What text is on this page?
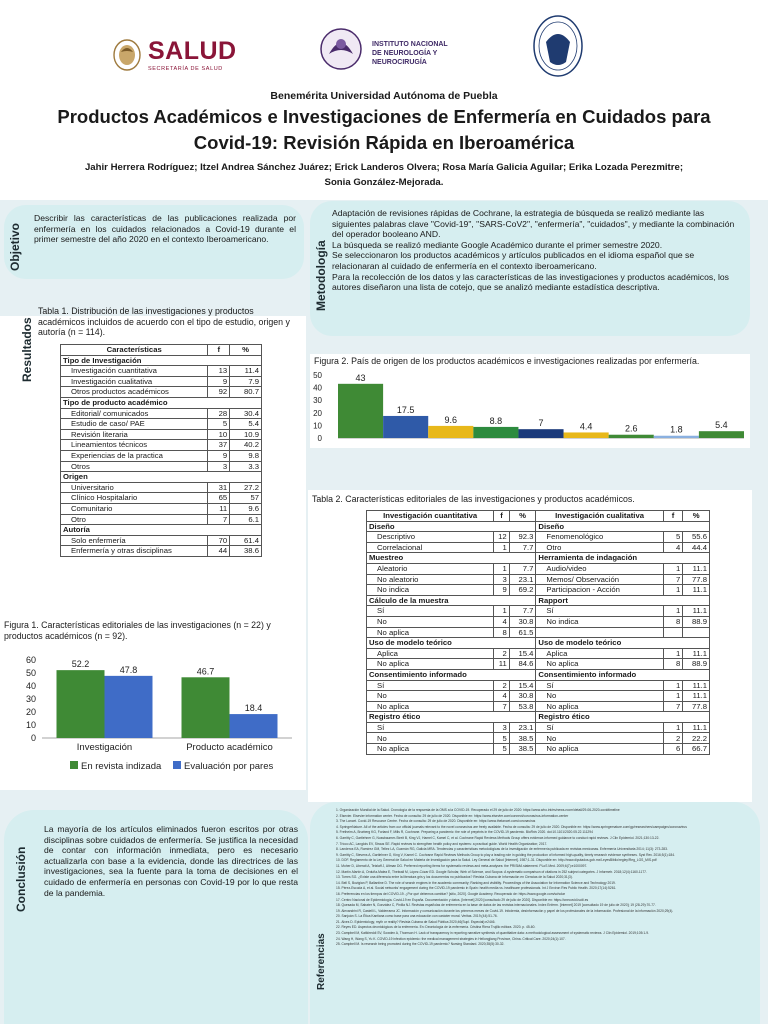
SALUD
SECRETARÍA DE SALUD
INSTITUTO NACIONAL
DE NEUROLOGÍA Y
NEUROCIRUGÍA
Benemérita Universidad Autónoma de Puebla
Productos Académicos e Investigaciones de Enfermería en Cuidados para
Covid-19: Revisión Rápida en Iberoamérica
Jahir Herrera Rodríguez; Itzel Andrea Sánchez Juárez; Erick Landeros Olvera; Rosa María Galicia Aguilar; Erika Lozada Perezmitre;
Sonia González-Mejorada.
Objetivo
Describir las características de las publicaciones realizada por enfermería en los cuidados relacionados a Covid-19 durante el primer semestre del año 2020 en el contexto Iberoamericano.
Metodología
Adaptación de revisiones rápidas de Cochrane, la estrategia de búsqueda se realizó mediante las siguientes palabras clave "Covid-19", "SARS-CoV2", "enfermería", "cuidados", y mediante la combinación del operador booleano AND.
La búsqueda se realizó mediante Google Académico durante el primer semestre 2020.
Se seleccionaron los productos académicos y artículos publicados en el idioma español que se relacionaran al cuidado de enfermería en el contexto iberoamericano.
Para la recolección de los datos y las características de las investigaciones y productos académicos, los autores diseñaron una lista de cotejo, que se analizó mediante estadística descriptiva.
Resultados
Tabla 1. Distribución de las investigaciones y productos académicos incluidos de acuerdo con el tipo de estudio, origen y autoría (n = 114).
Características	f	%
Tipo de Investigación		
Investigación cuantitativa	13	11.4
Investigación cualitativa	9	7.9
Otros productos académicos	92	80.7
Tipo de producto académico		
Editorial/ comunicados	28	30.4
Estudio de caso/ PAE	5	5.4
Revisión literaria	10	10.9
Lineamientos técnicos	37	40.2
Experiencias de la practica	9	9.8
Otros	3	3.3
Origen		
Universitario	31	27.2
Clínico Hospitalario	65	57
Comunitario	11	9.6
Otro	7	6.1
Autoría		
Solo enfermería	70	61.4
Enfermería y otras disciplinas	44	38.6
Figura 1. Características editoriales de las investigaciones (n = 22) y productos académicos (n = 92).
0
10
20
30
40
50
60	52.2
47.8
Investigación
46.7
18.4
Producto académico
En revista indizada Evaluación por pares
Figura 2. País de origen de los productos académicos e investigaciones realizadas por enfermería.
0
10
20
30
40
50	43
17.5
9.6	8.8	7	4.4	2.6	1.8	5.4
Tabla 2. Características editoriales de las investigaciones y productos académicos.
Investigación cuantitativa	f	%	Investigación cualitativa	f	%
Diseño			Diseño		
Descriptivo	12	92.3	Fenomenológico	5	55.6
Correlacional	1	7.7	Otro	4	44.4
Muestreo			Herramienta de indagación		
Aleatorio	1	7.7	Audio/video	1	11.1
No aleatorio	3	23.1	Memos/ Observación	7	77.8
No indica	9	69.2	Participacion - Acción	1	11.1
Cálculo de la muestra			Rapport		
Sí	1	7.7	Sí	1	11.1
No	4	30.8	No indica	8	88.9
No aplica	8	61.5			
Uso de modelo teórico			Uso de modelo teórico		
Aplica	2	15.4	Aplica	1	11.1
No aplica	11	84.6	No aplica	8	88.9
Consentimiento informado			Consentimiento informado		
Sí	2	15.4	Sí	1	11.1
No	4	30.8	No	1	11.1
No aplica	7	53.8	No aplica	7	77.8
Registro ético			Registro ético		
Sí	3	23.1	Sí	1	11.1
No	5	38.5	No	2	22.2
No aplica	5	38.5	No aplica	6	66.7
Conclusión
La mayoría de los artículos eliminados fueron escritos por otras disciplinas sobre cuidados de enfermería. Se justifica la necesidad de contar con información inmediata, pero es necesario actualizarla con base a la evidencia, donde las directrices de las investigaciones, sea la fuente para la toma de decisiones en el cuidado de enfermería en personas con Covid-19 por lo que resta de la pandemia.
Referencias
1. Organización Mundial de la Salud. Cronología de la respuesta de la OMS a la COVID-19. Recuperado el 29 de julio de 2020: https://www.who.int/es/news-room/detail/29-06-2020-covidtimeline
2. Elsevier. Elsevier information center. Fecha de consulta: 29 de julio de 2020. Disponible en: https://www.elsevier.com/connect/coronavirus-information-center
3. The Lancet. Covid-19 Resource Centre. Fecha de consulta: 29 de julio de 2020. Disponible en: https://www.thelancet.com/coronavirus
4. SpringerNature. All of the articles from our official journals relevant to the novel coronavirus are freely available. Fecha de consulta: 29 de julio de 2020. Disponible en: https://www.springernature.com/gp/researchers/campaigns/coronavirus
5. Fretheim A, Brurberg KG, Forland F, Mills R, Cochrane. Preparing a pandemic: the role of preprints in the COVID-19 pandemic. BioRxiv 2020. doi:10.1101/2020.05.22.111294
6. Garritty C, Gartlehner G, Nussbaumer-Streit B, King VJ, Hamel C, Kamel C, et al. Cochrane Rapid Reviews Methods Group offers evidence-informed guidance to conduct rapid reviews. J Clin Epidemiol. 2021;130:13-22.
7. Tricco AC, Langlois EV, Straus SE. Rapid reviews to strengthen health policy and systems: a practical guide. World Health Organization; 2017.
8. Landeros EA, Ramírez GM, Tellez LA, Guzmán RG, Galicia MRA. Tendencias y características metodológicas de la investigación de enfermería publicada en revistas mexicanas. Enfermería Universitaria 2014; 11(3): 273-283.
9. Garritty C, Stevens A, Gartlehner G, King V, Kamel C. Cochrane Rapid Reviews Methods Group to play a leading role in guiding the production of informed high-quality, timely research evidence syntheses. Syst Rev. 2016;5(1):184.
10. DOF. Reglamento de la Ley General de Salud en Materia de Investigación para la Salud. Ley General de Salud [Internet]. 1987;1-31. Disponible en: http://www.diputados.gob.mx/LeyesBiblio/regley/Reg_LGS_MIS.pdf
11. Moher D, Liberati A, Tetzlaff J, Altman DG. Preferred reporting items for systematic reviews and meta-analyses: the PRISMA statement. PLoS Med. 2009;6(7):e1000097.
12. Martín-Martín A, Orduña-Malea E, Thelwall M, López-Cózar ED. Google Scholar, Web of Science, and Scopus: A systematic comparison of citations in 252 subject categories. J Informetr. 2018;12(4):1160-1177.
13. Torres SG. ¿Existe una diferencia entre la literatura gris y los documentos no publicados? Revista Cubana de Información en Ciencias de la Salud 2020;31(3).
14. Bell S, Bozigian P, Ballantine D. The role of search engines in the academic community; Ranking and visibility. Proceedings of the Association for Information Science and Technology 2019.
15. Pérez-Escoda A, et al. Social networks' engagement during the COVID-19 pandemic in Spain: health media vs. healthcare professionals. Int J Environ Res Public Health. 2020;17(14):5261.
16. Preferencias en los tiempos del COVID-19. ¿Por qué debemos cambiar? [sitio, 2020]. Google Academy. Recuperado de: https://www.google.com/scholar
17. Centro Nacional de Epidemiología. Covid-19 en España. Documentación y datos. [Internet] 2020 [consultado 29 de julio de 2020]. Disponible en: https://cnecovid.isciii.es
18. Quesada M, Sabater N, González C, Pinilla NJ. Revistas españolas de enfermería en la base de datos de las revistas internacionales. Index Enferm. [Internet] 2019 [consultado 19 de julio de 2020]; 19 (28-29):70-77.
19. Alexandrini R, Castelli L, Valderrama JC. Información y comunicación durante los primeros meses de Covid-19. Infodemia, desinformación y papel de los profesionales de la información. Profesional de la información 2020;29(4).
20. Sanjuán S. La Ética Kantiana como base para una educación con carácter moral. Veritas. 2019;(44):51-76.
21. Alves D. Epidemiology, myth or reality? Revista Cubana de Salud Pública 2020;46(Supl. Especial):e2446.
22. Reyes ED. Aspectos deontológicos de la enfermería. En: Deontología de la enfermería. Cristina Riera Trujillo editora. 2020. p. 45-60.
23. Campbell M, Katikireddi SV, Sowden A, Thomson H. Lack of transparency in reporting narrative synthesis of quantitative data: a methodological assessment of systematic reviews. J Clin Epidemiol. 2019;105:1-9.
24. Wang H, Wang S, Yu K. COVID-19 infection epidemic: the medical management strategies in Heilongjiang Province, China. Critical Care. 2020;24(1):107.
25. Campbell M. Is research being promoted during the COVID-19 pandemic? Nursing Standard. 2020;35(5):30-32.
